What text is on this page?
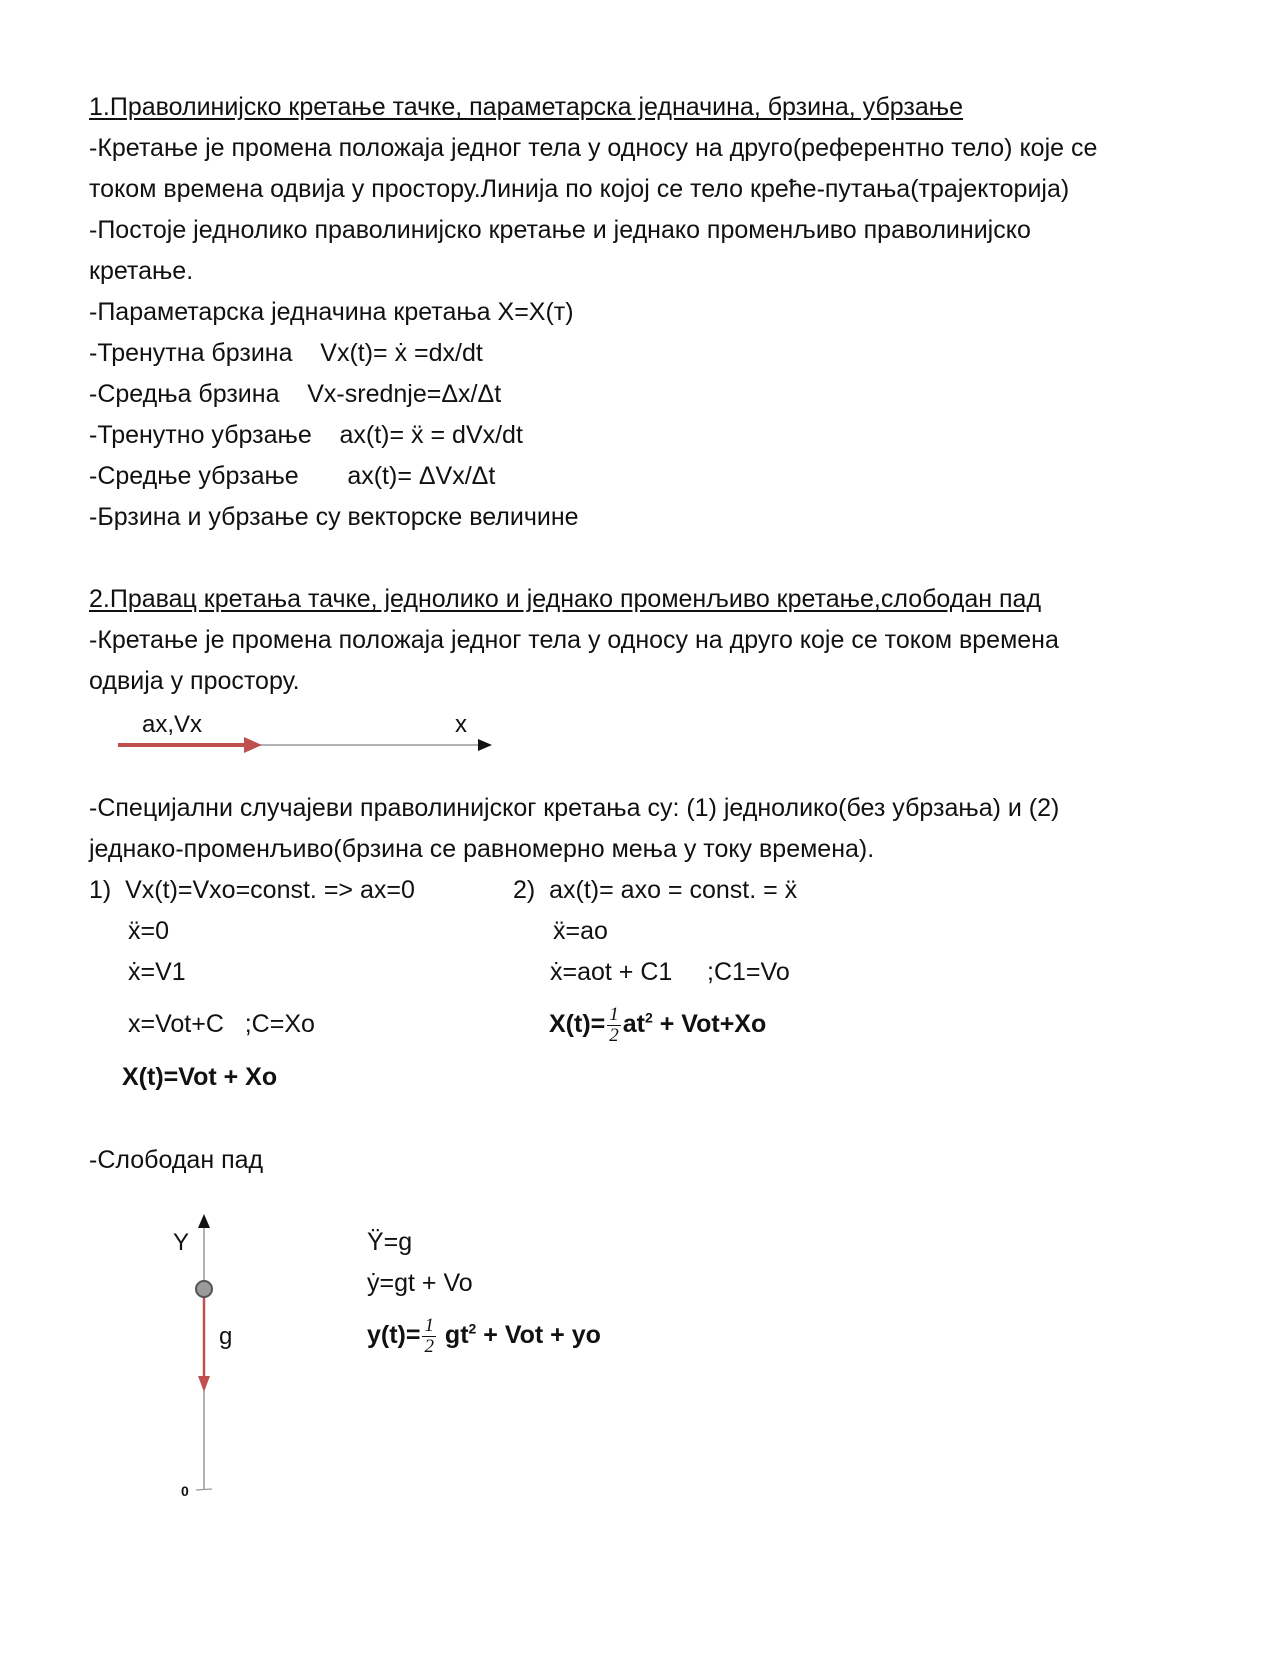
1.Праволинијско кретање тачке, параметарска једначина, брзина, убрзање
-Кретање је промена положаја једног тела у односу на друго(референтно тело) које се
током времена одвија у простору.Линија по којој се тело креће-путања(трајекторија)
-Постоје једнолико праволинијско кретање и једнако променљиво праволинијско
кретање.
-Параметарска једначина кретања X=X(т)
-Тренутна брзина    Vx(t)= ẋ =dx/dt
-Средња брзина    Vx-srednje=Δx/Δt
-Тренутно убрзање    ax(t)= ẍ = dVx/dt
-Средње убрзање       ax(t)= ΔVx/Δt
-Брзина и убрзање су векторске величине
2.Правац кретања тачке, једнолико и једнако променљиво кретање,слободан пад
-Кретање је промена положаја једног тела у односу на друго које се током времена
одвија у простору.
ax,Vx	x
-Специјални случајеви праволинијског кретања су: (1) једнолико(без убрзања) и (2)
једнако-променљиво(брзина се равномерно мења у току времена).
1)  Vx(t)=Vxo=const. => ax=0
ẍ=0
ẋ=V1
x=Vot+C   ;C=Xo
X(t)=Vot + Xo
2)  ax(t)= axo = const. = ẍ
ẍ=ao
ẋ=aot + C1     ;C1=Vo
$X(t)= \frac{1}{2} at^2 + Vot+Xo$
-Слободан пад
Y
g
0
Ÿ=g
ẏ=gt + Vo
$y(t)= \frac{1}{2} gt^2$ + Vot + yo
